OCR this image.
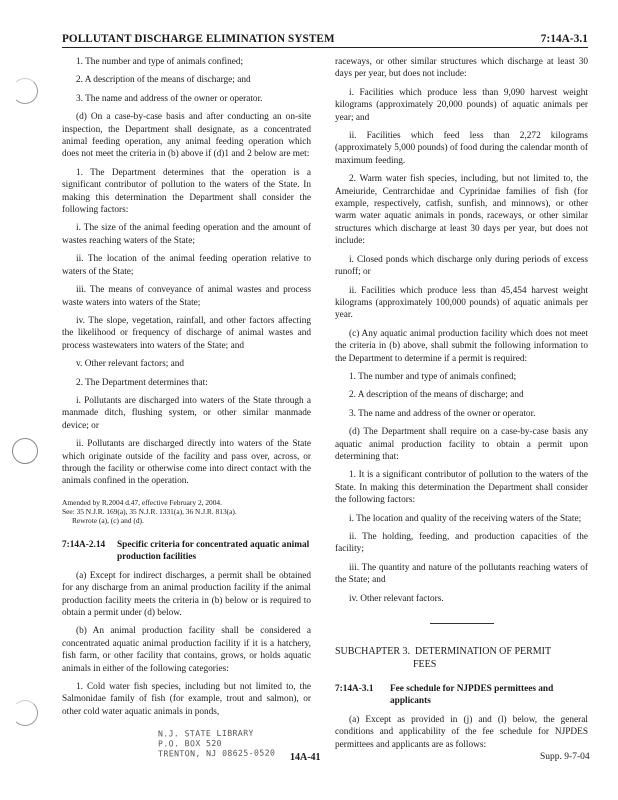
POLLUTANT DISCHARGE ELIMINATION SYSTEM	7:14A-3.1
1. The number and type of animals confined;
2. A description of the means of discharge; and
3. The name and address of the owner or operator.

(d) On a case-by-case basis and after conducting an on-site inspection, the Department shall designate, as a concentrated animal feeding operation, any animal feeding operation which does not meet the criteria in (b) above if (d)1 and 2 below are met:

1. The Department determines that the operation is a significant contributor of pollution to the waters of the State. In making this determination the Department shall consider the following factors:

i. The size of the animal feeding operation and the amount of wastes reaching waters of the State;

ii. The location of the animal feeding operation relative to waters of the State;

iii. The means of conveyance of animal wastes and process waste waters into waters of the State;

iv. The slope, vegetation, rainfall, and other factors affecting the likelihood or frequency of discharge of animal wastes and process wastewaters into waters of the State; and

v. Other relevant factors; and

2. The Department determines that:

i. Pollutants are discharged into waters of the State through a manmade ditch, flushing system, or other similar manmade device; or

ii. Pollutants are discharged directly into waters of the State which originate outside of the facility and pass over, across, or through the facility or otherwise come into direct contact with the animals confined in the operation.

Amended by R.2004 d.47, effective February 2, 2004.
See: 35 N.J.R. 169(a), 35 N.J.R. 1331(a), 36 N.J.R. 813(a).
Rewrote (a), (c) and (d).
7:14A-2.14 Specific criteria for concentrated aquatic animal production facilities

(a) Except for indirect discharges, a permit shall be obtained for any discharge from an animal production facility if the animal production facility meets the criteria in (b) below or is required to obtain a permit under (d) below.

(b) An animal production facility shall be considered a concentrated aquatic animal production facility if it is a hatchery, fish farm, or other facility that contains, grows, or holds aquatic animals in either of the following categories:

1. Cold water fish species, including but not limited to, the Salmonidae family of fish (for example, trout and salmon), or other cold water aquatic animals in ponds,

raceways, or other similar structures which discharge at least 30 days per year, but does not include:

i. Facilities which produce less than 9,090 harvest weight kilograms (approximately 20,000 pounds) of aquatic animals per year; and

ii. Facilities which feed less than 2,272 kilograms (approximately 5,000 pounds) of food during the calendar month of maximum feeding.

2. Warm water fish species, including, but not limited to, the Ameiuride, Centrarchidae and Cyprinidae families of fish (for example, respectively, catfish, sunfish, and minnows), or other warm water aquatic animals in ponds, raceways, or other similar structures which discharge at least 30 days per year, but does not include:

i. Closed ponds which discharge only during periods of excess runoff; or

ii. Facilities which produce less than 45,454 harvest weight kilograms (approximately 100,000 pounds) of aquatic animals per year.

(c) Any aquatic animal production facility which does not meet the criteria in (b) above, shall submit the following information to the Department to determine if a permit is required:

1. The number and type of animals confined;
2. A description of the means of discharge; and
3. The name and address of the owner or operator.

(d) The Department shall require on a case-by-case basis any aquatic animal production facility to obtain a permit upon determining that:

1. It is a significant contributor of pollution to the waters of the State. In making this determination the Department shall consider the following factors:

i. The location and quality of the receiving waters of the State;

ii. The holding, feeding, and production capacities of the facility;

iii. The quantity and nature of the pollutants reaching waters of the State; and

iv. Other relevant factors.

SUBCHAPTER 3. DETERMINATION OF PERMIT
FEES
7:14A-3.1 Fee schedule for NJPDES permittees and applicants

(a) Except as provided in (j) and (l) below, the general conditions and applicability of the fee schedule for NJPDES permittees and applicants are as follows:

N.J. STATE LIBRARY
P.O. BOX 520
TRENTON, NJ 08625-0520 14A-41	Supp. 9-7-04
